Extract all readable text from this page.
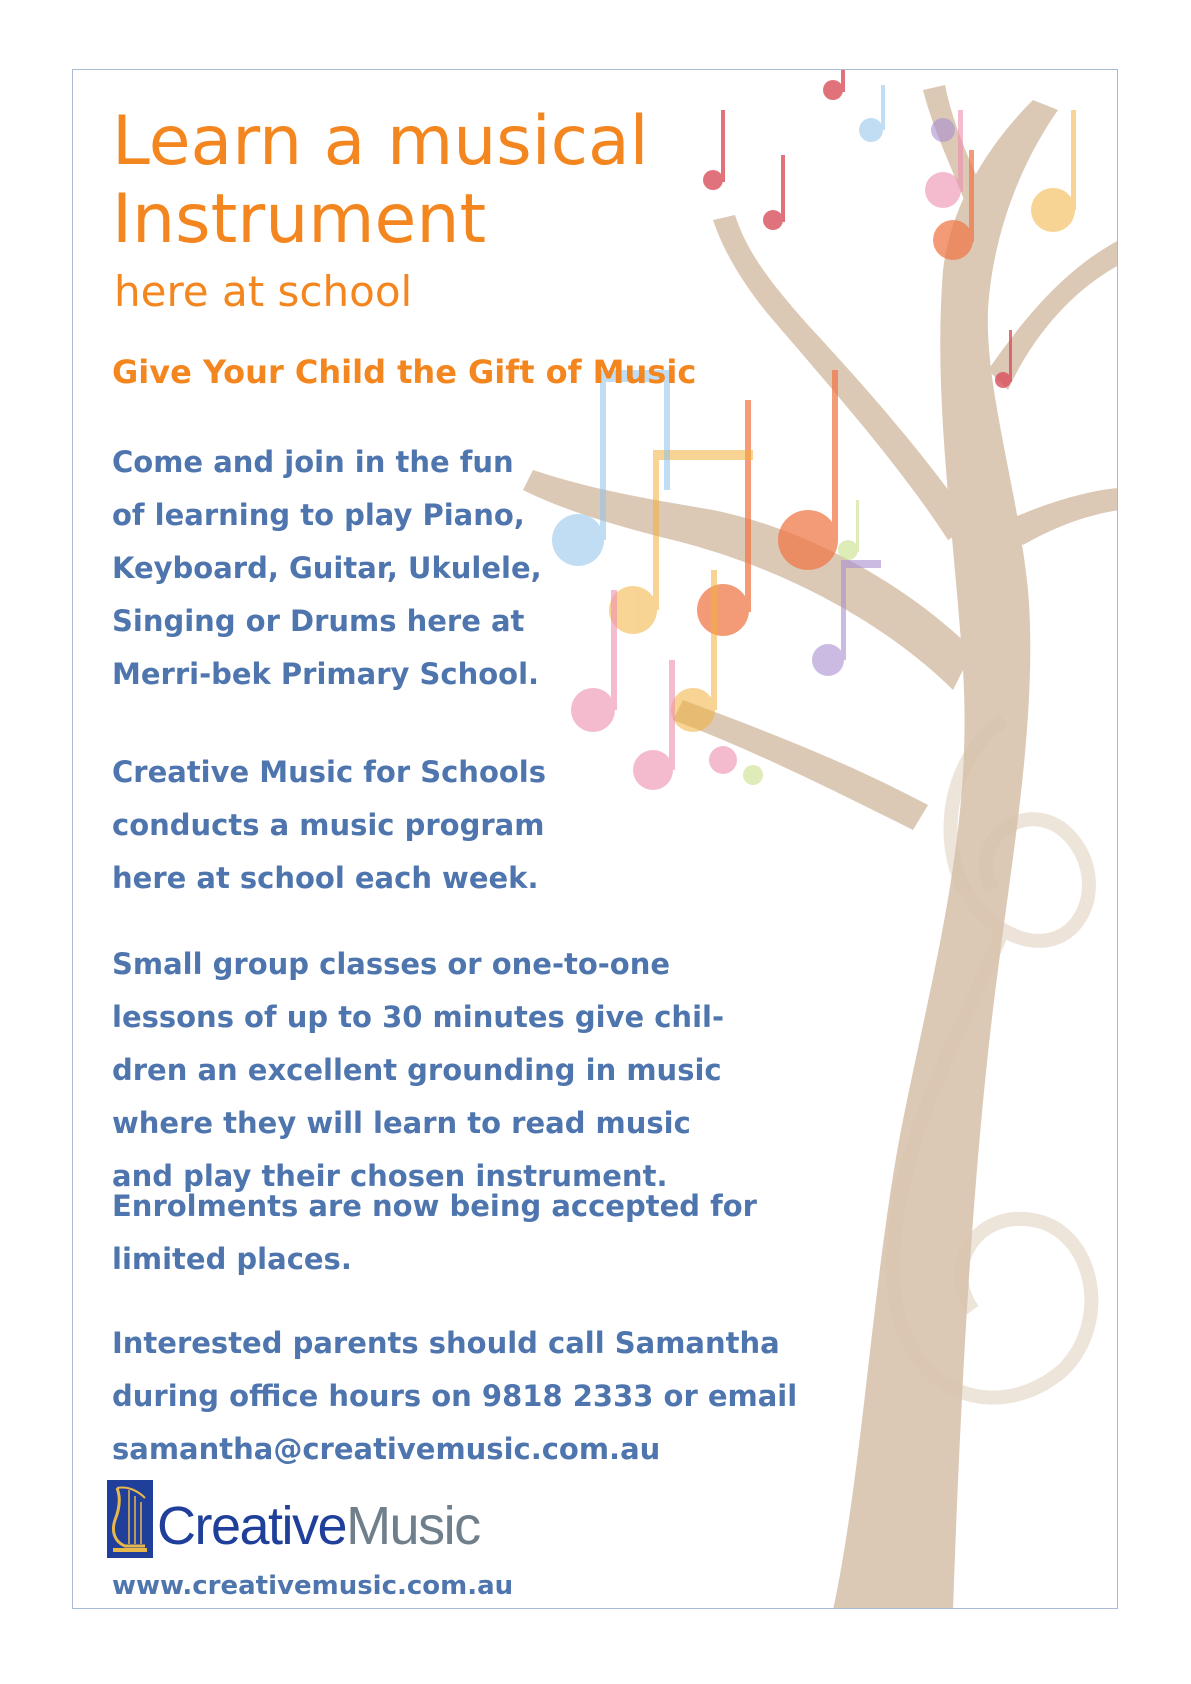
Learn a musical
Instrument
here at school
Give Your Child the Gift of Music

Come and join in the fun
of learning to play Piano,
Keyboard, Guitar, Ukulele,
Singing or Drums here at
Merri-bek Primary School.

Creative Music for Schools
conducts a music program
here at school each week.

Small group classes or one-to-one
lessons of up to 30 minutes give chil-
dren an excellent grounding in music
where they will learn to read music
and play their chosen instrument.

Enrolments are now being accepted for
limited places.

Interested parents should call Samantha
during office hours on 9818 2333 or email
samantha@creativemusic.com.au

CreativeMusic
www.creativemusic.com.au
